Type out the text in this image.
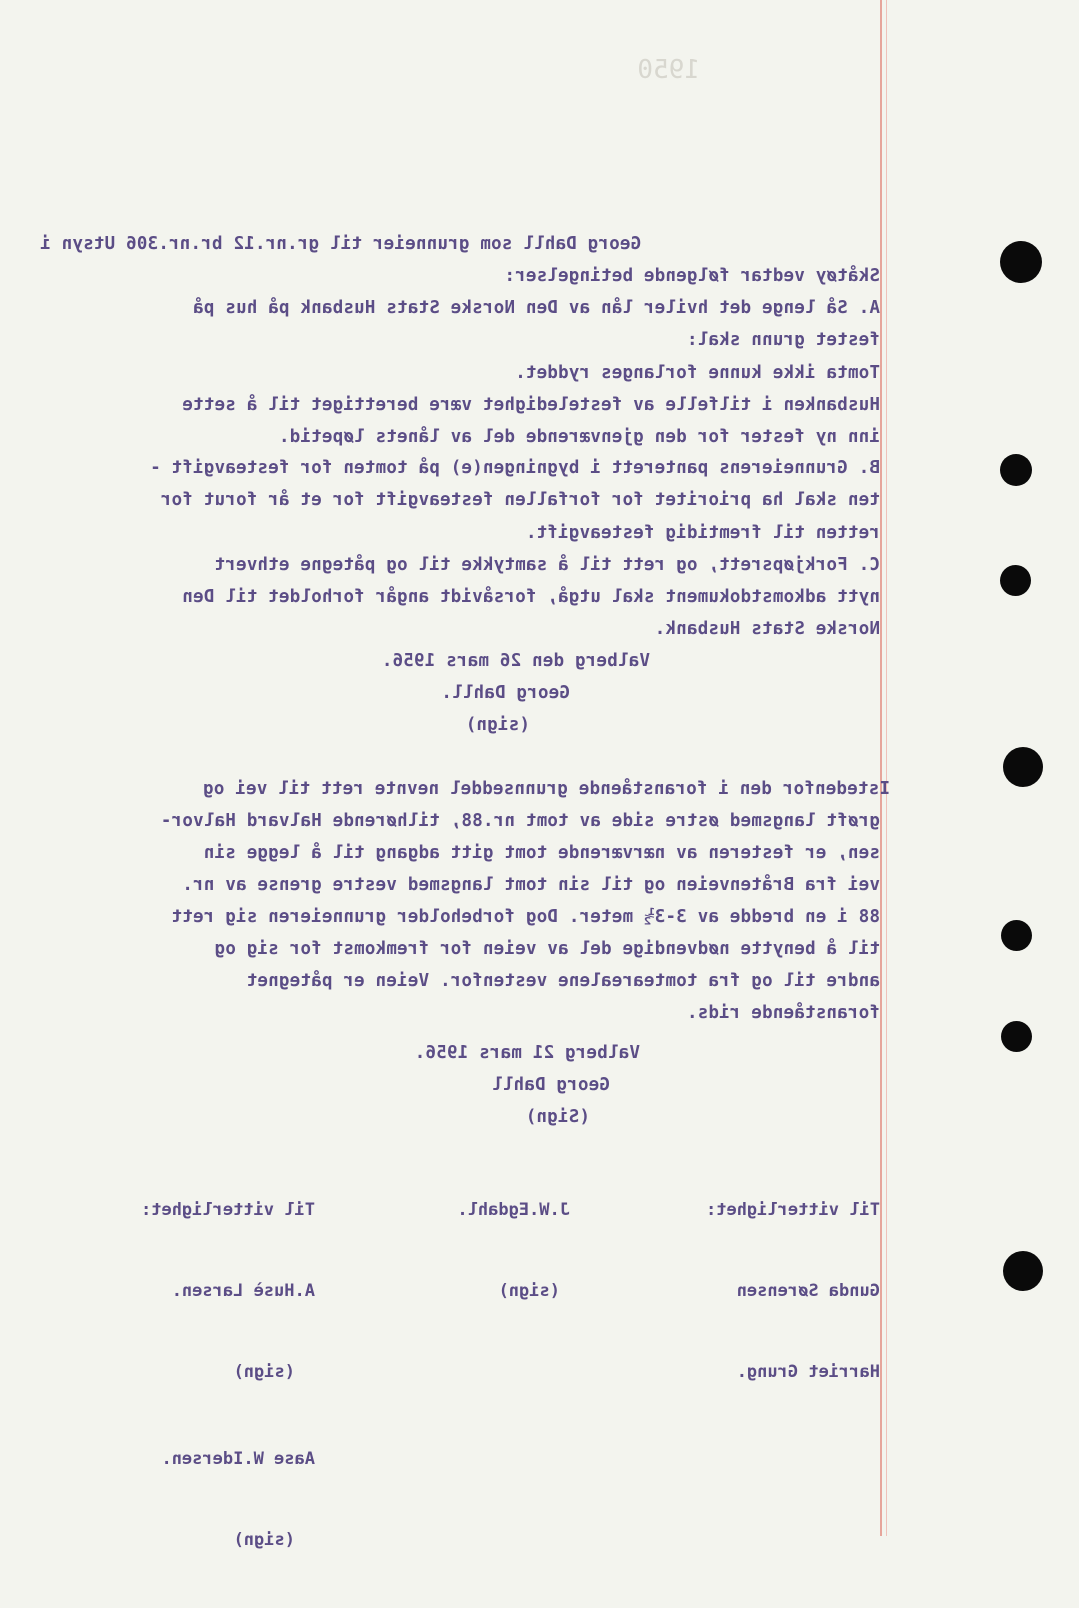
1950
Georg Dahll som grunneier til gr.nr.12 br.nr.306 Utsyn i
Skåtøy vedtar følgende betingelser:
A. Så lenge det hviler lån av Den Norske Stats Husbank på hus på
festet grunn skal:
Tomta ikke kunne forlanges ryddet.
Husbanken i tilfelle av festeledighet være berettiget til å sette
inn ny fester for den gjenværende del av lånets løpetid.
B. Grunneierens panterett i bygningen(e) på tomten for festeavgift -
ten skal ha prioritet for forfallen festeavgift for et år forut for
retten til fremtidig festeavgift.
C. Forkjøpsrett, og rett til å samtykke til og påtegne ethvert
nytt adkomstdokument skal utgå, forsåvidt angår forholdet til Den
Norske Stats Husbank.
Valberg den 26 mars 1956.
Georg Dahll.
(sign)
Istedenfor den i foranstående grunnseddel nevnte rett til vei og
grøft langsmed østre side av tomt nr.88, tilhørende Halvard Halvor-
sen, er festeren av nærværende tomt gitt adgang til å legge sin
vei fra Bråtenveien og til sin tomt langsmed vestre grense av nr.
88 i en bredde av 3-3½ meter. Dog forbeholder grunneieren sig rett
til å benytte nødvendige del av veien for fremkomst for sig og
andre til og fra tomtearealene vestenfor. Veien er påtegnet
foranstående rids.
Valberg 21 mars 1956.
Georg Dahll
(Sign)

Til vitterlighet:

Gunda Sørensen

Harriet Grung.

J.W.Egdahl.

(sign)

Til vitterlighet:

A.Husè Larsen.

(sign)

Aase W.Idersen.

(sign)
